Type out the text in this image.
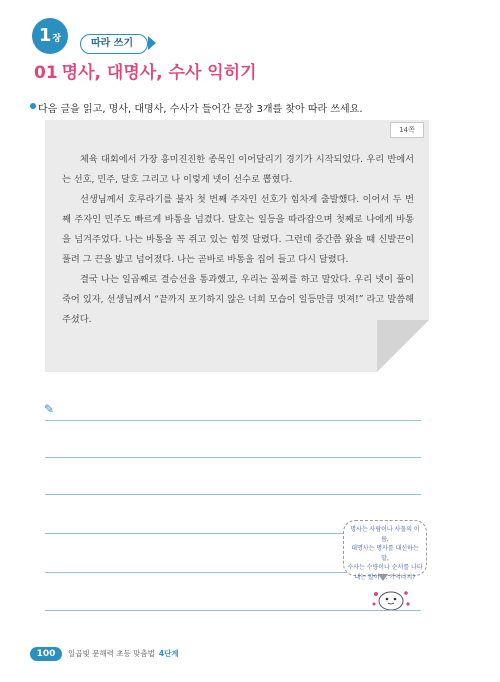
1장	따라 쓰기
01 명사, 대명사, 수사 익히기
다음 글을 읽고, 명사, 대명사, 수사가 들어간 문장 3개를 찾아 따라 쓰세요.
14쪽

체육 대회에서 가장 흥미진진한 종목인 이어달리기 경기가 시작되었다. 우리 반에서는 선호, 민주, 달호 그리고 나 이렇게 넷이 선수로 뽑혔다.

선생님께서 호루라기를 불자 첫 번째 주자인 선호가 힘차게 출발했다. 이어서 두 번째 주자인 민주도 빠르게 바통을 넘겼다. 달호는 일등을 따라잡으며 첫째로 나에게 바통을 넘겨주었다. 나는 바통을 꼭 쥐고 있는 힘껏 달렸다. 그런데 중간쯤 왔을 때 신발끈이 풀려 그 끈을 밟고 넘어졌다. 나는 곧바로 바통을 집어 들고 다시 달렸다.

결국 나는 일곱째로 결승선을 통과했고, 우리는 꼴찌를 하고 말았다. 우리 넷이 풀이 죽어 있자, 선생님께서 “끝까지 포기하지 않은 너희 모습이 일등만큼 멋져!” 라고 말씀해 주셨다.

✎
명사는 사람이나 사물의 이름,
대명사는 명사를 대신하는 말,
수사는 수량이나 순서를 나타
내는 말이야. 기억나지?
100	일곱빛 문해력 초등 맞춤법 4단계
